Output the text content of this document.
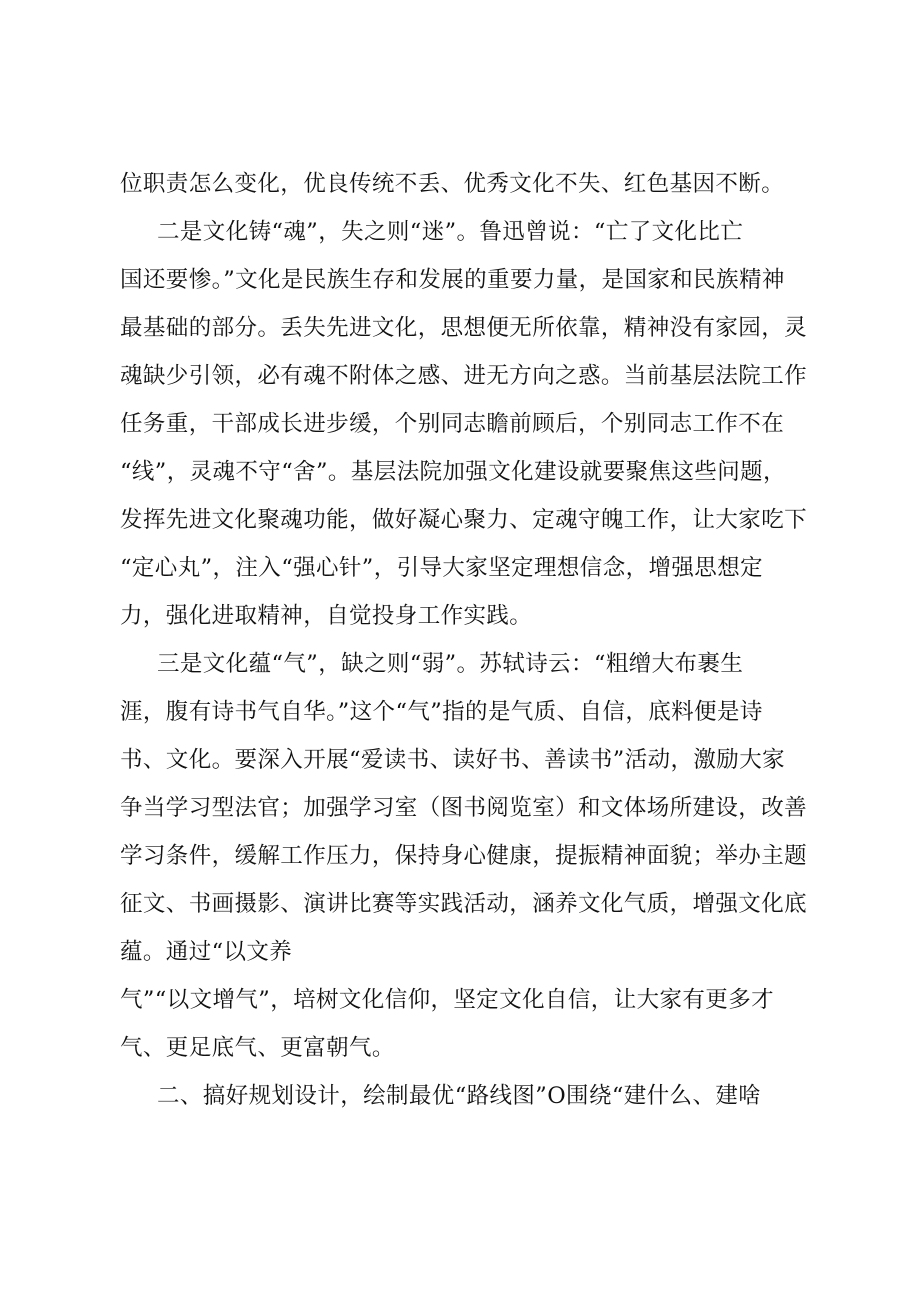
位职责怎么变化，优良传统不丢、优秀文化不失、红色基因不断。
二是文化铸“魂”，失之则“迷”。鲁迅曾说：“亡了文化比亡
国还要惨。”文化是民族生存和发展的重要力量，是国家和民族精神
最基础的部分。丢失先进文化，思想便无所依靠，精神没有家园，灵
魂缺少引领，必有魂不附体之感、进无方向之惑。当前基层法院工作
任务重，干部成长进步缓，个别同志瞻前顾后，个别同志工作不在
“线”，灵魂不守“舍”。基层法院加强文化建设就要聚焦这些问题，
发挥先进文化聚魂功能，做好凝心聚力、定魂守魄工作，让大家吃下
“定心丸”，注入“强心针”，引导大家坚定理想信念，增强思想定
力，强化进取精神，自觉投身工作实践。
三是文化蕴“气”，缺之则“弱”。苏轼诗云：“粗缯大布裹生
涯，腹有诗书气自华。”这个“气”指的是气质、自信，底料便是诗
书、文化。要深入开展“爱读书、读好书、善读书”活动，激励大家
争当学习型法官；加强学习室（图书阅览室）和文体场所建设，改善
学习条件，缓解工作压力，保持身心健康，提振精神面貌；举办主题
征文、书画摄影、演讲比赛等实践活动，涵养文化气质，增强文化底
蕴。通过“以文养
气”“以文增气”，培树文化信仰，坚定文化自信，让大家有更多才
气、更足底气、更富朝气。
二、搞好规划设计，绘制最优“路线图”O围绕“建什么、建啥
